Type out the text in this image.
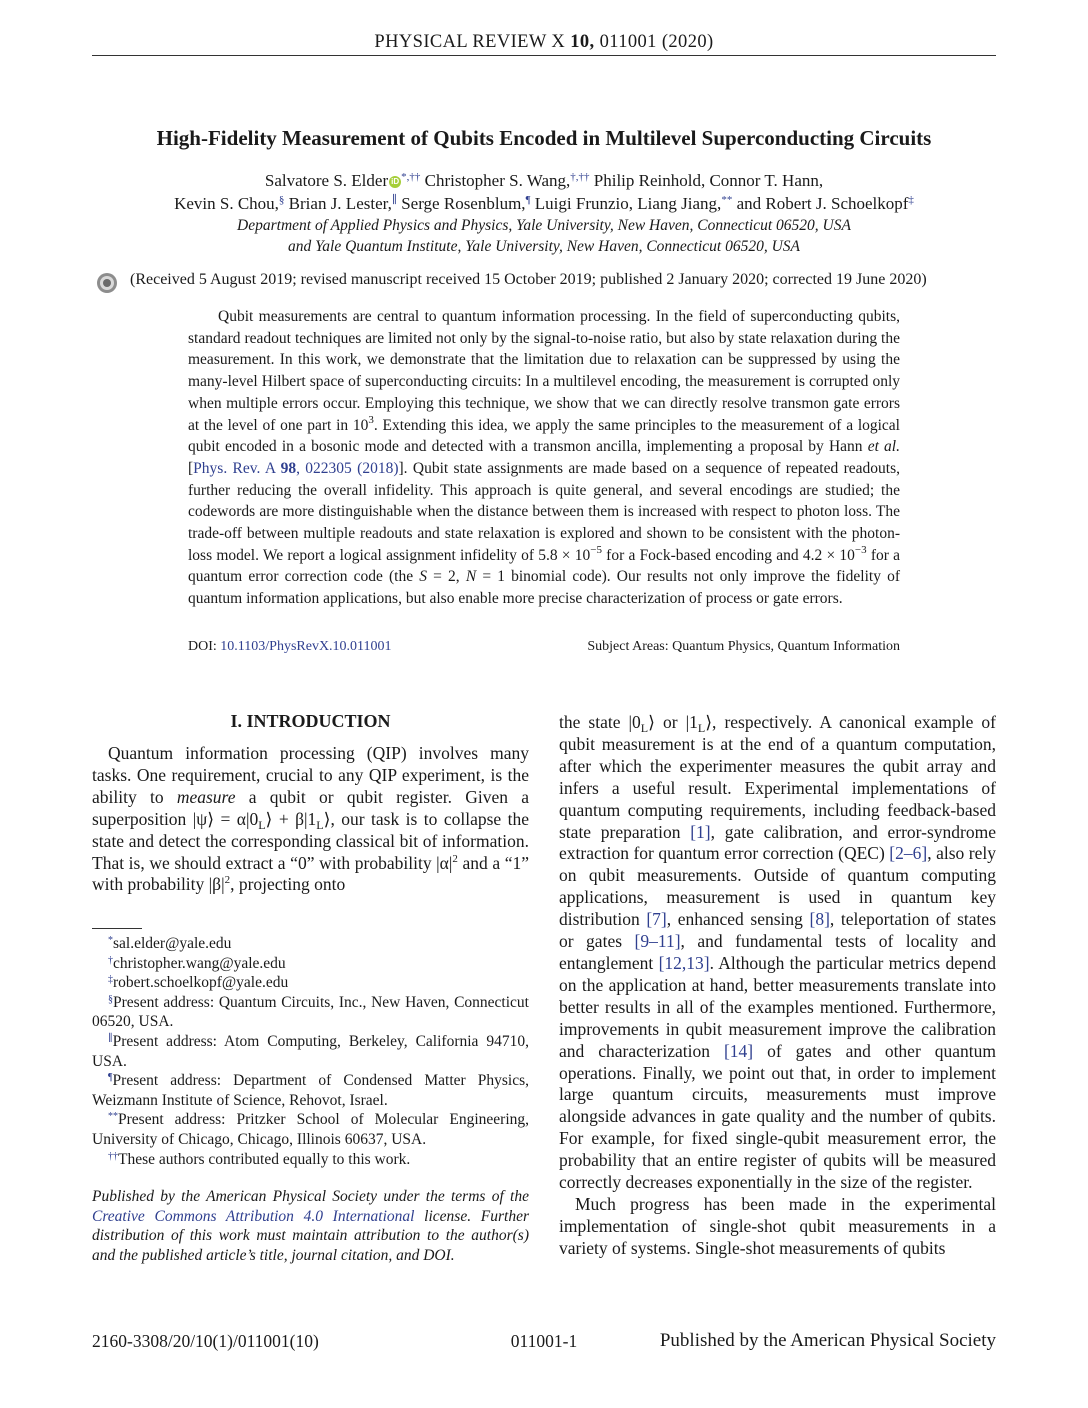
PHYSICAL REVIEW X 10, 011001 (2020)
High-Fidelity Measurement of Qubits Encoded in Multilevel Superconducting Circuits
Salvatore S. Elder iD *,†† Christopher S. Wang,†,†† Philip Reinhold, Connor T. Hann,
Kevin S. Chou,§ Brian J. Lester,∥ Serge Rosenblum,¶ Luigi Frunzio, Liang Jiang,** and Robert J. Schoelkopf‡
Department of Applied Physics and Physics, Yale University, New Haven, Connecticut 06520, USA
and Yale Quantum Institute, Yale University, New Haven, Connecticut 06520, USA
(Received 5 August 2019; revised manuscript received 15 October 2019; published 2 January 2020; corrected 19 June 2020)
Qubit measurements are central to quantum information processing. In the field of superconducting qubits, standard readout techniques are limited not only by the signal-to-noise ratio, but also by state relaxation during the measurement. In this work, we demonstrate that the limitation due to relaxation can be suppressed by using the many-level Hilbert space of superconducting circuits: In a multilevel encoding, the measurement is corrupted only when multiple errors occur. Employing this technique, we show that we can directly resolve transmon gate errors at the level of one part in $10^3$. Extending this idea, we apply the same principles to the measurement of a logical qubit encoded in a bosonic mode and detected with a transmon ancilla, implementing a proposal by Hann et al. [Phys. Rev. A 98, 022305 (2018)]. Qubit state assignments are made based on a sequence of repeated readouts, further reducing the overall infidelity. This approach is quite general, and several encodings are studied; the codewords are more distinguishable when the distance between them is increased with respect to photon loss. The trade-off between multiple readouts and state relaxation is explored and shown to be consistent with the photon-loss model. We report a logical assignment infidelity of $5.8 \times 10^{-5}$ for a Fock-based encoding and $4.2 \times 10^{-3}$ for a quantum error correction code (the S = 2, N = 1 binomial code). Our results not only improve the fidelity of quantum information applications, but also enable more precise characterization of process or gate errors.
DOI: 10.1103/PhysRevX.10.011001	Subject Areas: Quantum Physics, Quantum Information
I. INTRODUCTION
Quantum information processing (QIP) involves many tasks. One requirement, crucial to any QIP experiment, is the ability to measure a qubit or qubit register. Given a superposition |ψ⟩ = $\alpha|0_L⟩$ + $\beta|1_L⟩$, our task is to collapse the state and detect the corresponding classical bit of information. That is, we should extract a “0” with probability $|\alpha|^2$ and a “1” with probability $|\beta|^2$, projecting onto
*sal.elder@yale.edu
†christopher.wang@yale.edu
‡robert.schoelkopf@yale.edu
§Present address: Quantum Circuits, Inc., New Haven, Connecticut 06520, USA.
∥Present address: Atom Computing, Berkeley, California 94710, USA.
¶Present address: Department of Condensed Matter Physics, Weizmann Institute of Science, Rehovot, Israel.
**Present address: Pritzker School of Molecular Engineering, University of Chicago, Chicago, Illinois 60637, USA.
††These authors contributed equally to this work.
Published by the American Physical Society under the terms of the Creative Commons Attribution 4.0 International license. Further distribution of this work must maintain attribution to the author(s) and the published article’s title, journal citation, and DOI.

the state $|0_L⟩$ or $|1_L⟩$, respectively. A canonical example of qubit measurement is at the end of a quantum computation, after which the experimenter measures the qubit array and infers a useful result. Experimental implementations of quantum computing requirements, including feedback-based state preparation [1], gate calibration, and error-syndrome extraction for quantum error correction (QEC) [2–6], also rely on qubit measurements. Outside of quantum computing applications, measurement is used in quantum key distribution [7], enhanced sensing [8], teleportation of states or gates [9–11], and fundamental tests of locality and entanglement [12,13]. Although the particular metrics depend on the application at hand, better measurements translate into better results in all of the examples mentioned. Furthermore, improvements in qubit measurement improve the calibration and characterization [14] of gates and other quantum operations. Finally, we point out that, in order to implement large quantum circuits, measurements must improve alongside advances in gate quality and the number of qubits. For example, for fixed single-qubit measurement error, the probability that an entire register of qubits will be measured correctly decreases exponentially in the size of the register.

Much progress has been made in the experimental implementation of single-shot qubit measurements in a variety of systems. Single-shot measurements of qubits

2160-3308/20/10(1)/011001(10)	011001-1	Published by the American Physical Society
